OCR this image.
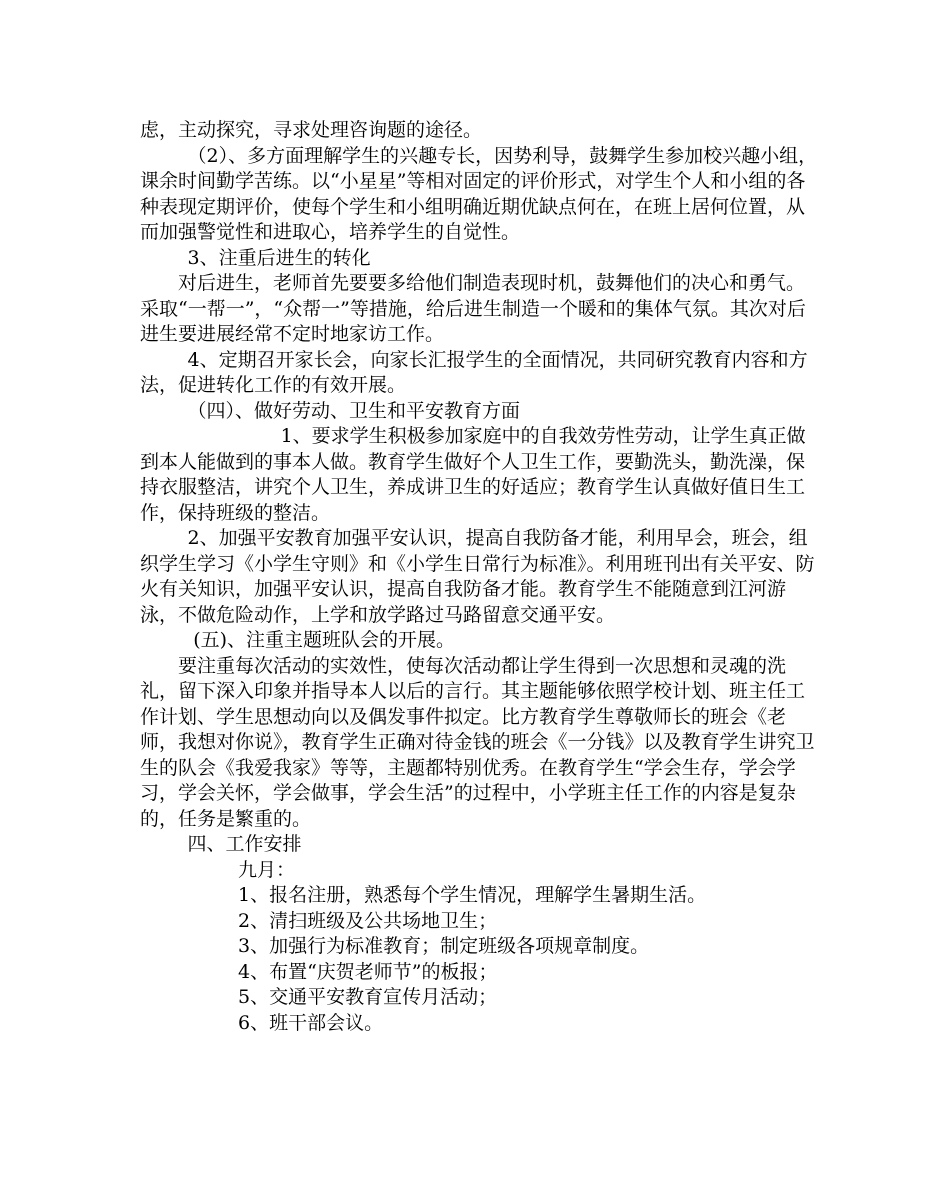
虑，主动探究，寻求处理咨询题的途径。

（2）、多方面理解学生的兴趣专长，因势利导，鼓舞学生参加校兴趣小组，课余时间勤学苦练。以“小星星”等相对固定的评价形式，对学生个人和小组的各种表现定期评价，使每个学生和小组明确近期优缺点何在，在班上居何位置，从而加强警觉性和进取心，培养学生的自觉性。

3、注重后进生的转化

对后进生，老师首先要要多给他们制造表现时机，鼓舞他们的决心和勇气。采取“一帮一”，“众帮一”等措施，给后进生制造一个暖和的集体气氛。其次对后进生要进展经常不定时地家访工作。

4、定期召开家长会，向家长汇报学生的全面情况，共同研究教育内容和方法，促进转化工作的有效开展。

（四）、做好劳动、卫生和平安教育方面

1、要求学生积极参加家庭中的自我效劳性劳动，让学生真正做到本人能做到的事本人做。教育学生做好个人卫生工作，要勤洗头，勤洗澡，保持衣服整洁，讲究个人卫生，养成讲卫生的好适应；教育学生认真做好值日生工作，保持班级的整洁。

2、加强平安教育加强平安认识，提高自我防备才能，利用早会，班会，组织学生学习《小学生守则》和《小学生日常行为标准》。利用班刊出有关平安、防火有关知识，加强平安认识，提高自我防备才能。教育学生不能随意到江河游泳，不做危险动作，上学和放学路过马路留意交通平安。

(五)、注重主题班队会的开展。

要注重每次活动的实效性，使每次活动都让学生得到一次思想和灵魂的洗礼，留下深入印象并指导本人以后的言行。其主题能够依照学校计划、班主任工作计划、学生思想动向以及偶发事件拟定。比方教育学生尊敬师长的班会《老师，我想对你说》，教育学生正确对待金钱的班会《一分钱》以及教育学生讲究卫生的队会《我爱我家》等等，主题都特别优秀。在教育学生“学会生存，学会学习，学会关怀，学会做事，学会生活”的过程中，小学班主任工作的内容是复杂的，任务是繁重的。

四、工作安排

九月：

1、报名注册，熟悉每个学生情况，理解学生暑期生活。

2、清扫班级及公共场地卫生；

3、加强行为标准教育；制定班级各项规章制度。

4、布置“庆贺老师节”的板报；

5、交通平安教育宣传月活动；

6、班干部会议。
